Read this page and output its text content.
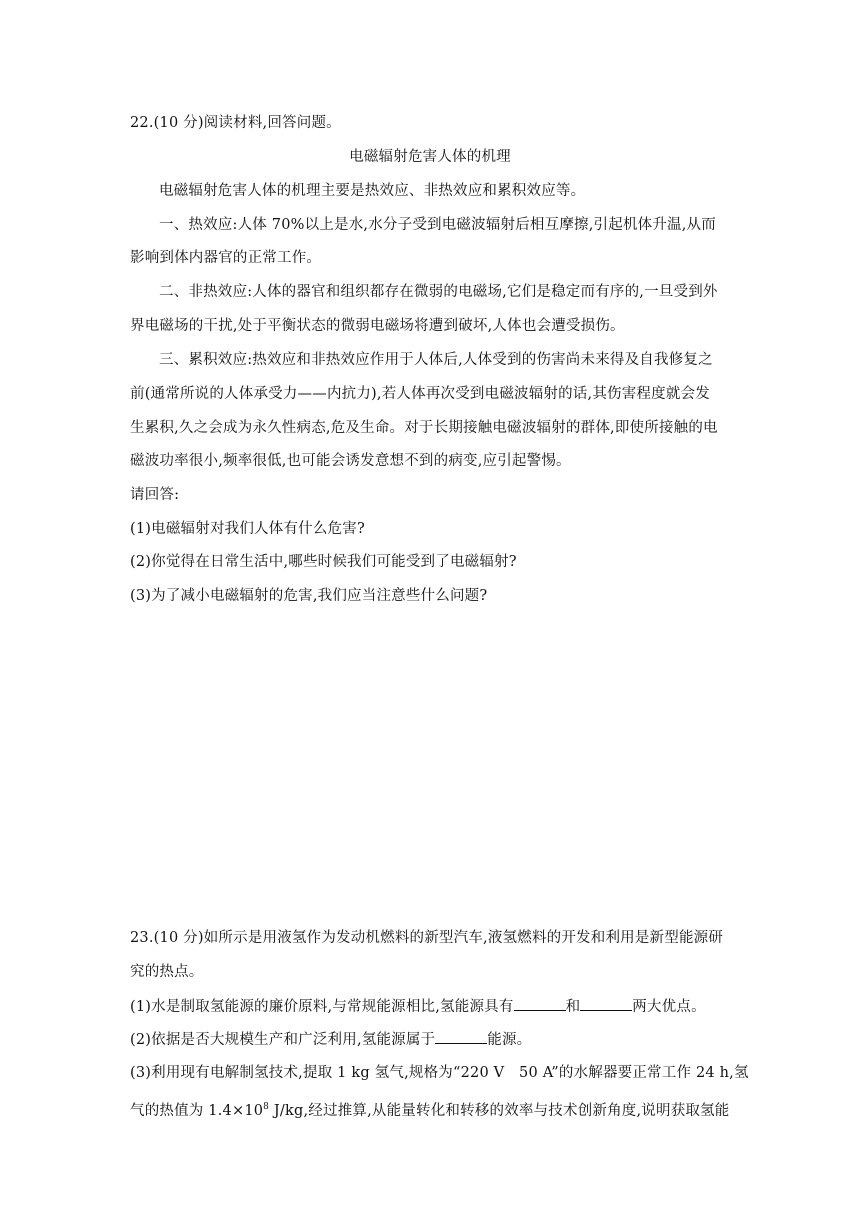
22.(10 分)阅读材料,回答问题。
电磁辐射危害人体的机理
电磁辐射危害人体的机理主要是热效应、非热效应和累积效应等。
一、热效应:人体 70%以上是水,水分子受到电磁波辐射后相互摩擦,引起机体升温,从而
影响到体内器官的正常工作。
二、非热效应:人体的器官和组织都存在微弱的电磁场,它们是稳定而有序的,一旦受到外
界电磁场的干扰,处于平衡状态的微弱电磁场将遭到破坏,人体也会遭受损伤。
三、累积效应:热效应和非热效应作用于人体后,人体受到的伤害尚未来得及自我修复之
前(通常所说的人体承受力——内抗力),若人体再次受到电磁波辐射的话,其伤害程度就会发
生累积,久之会成为永久性病态,危及生命。对于长期接触电磁波辐射的群体,即使所接触的电
磁波功率很小,频率很低,也可能会诱发意想不到的病变,应引起警惕。
请回答:
(1)电磁辐射对我们人体有什么危害?
(2)你觉得在日常生活中,哪些时候我们可能受到了电磁辐射?
(3)为了减小电磁辐射的危害,我们应当注意些什么问题?
23.(10 分)如所示是用液氢作为发动机燃料的新型汽车,液氢燃料的开发和利用是新型能源研
究的热点。
(1)水是制取氢能源的廉价原料,与常规能源相比,氢能源具有	和	两大优点。
(2)依据是否大规模生产和广泛利用,氢能源属于	能源。
(3)利用现有电解制氢技术,提取 1 kg 氢气,规格为“220 V　50 A”的水解器要正常工作 24 h,氢
气的热值为 $1.4\times 10^8$ J/kg,经过推算,从能量转化和转移的效率与技术创新角度,说明获取氢能
